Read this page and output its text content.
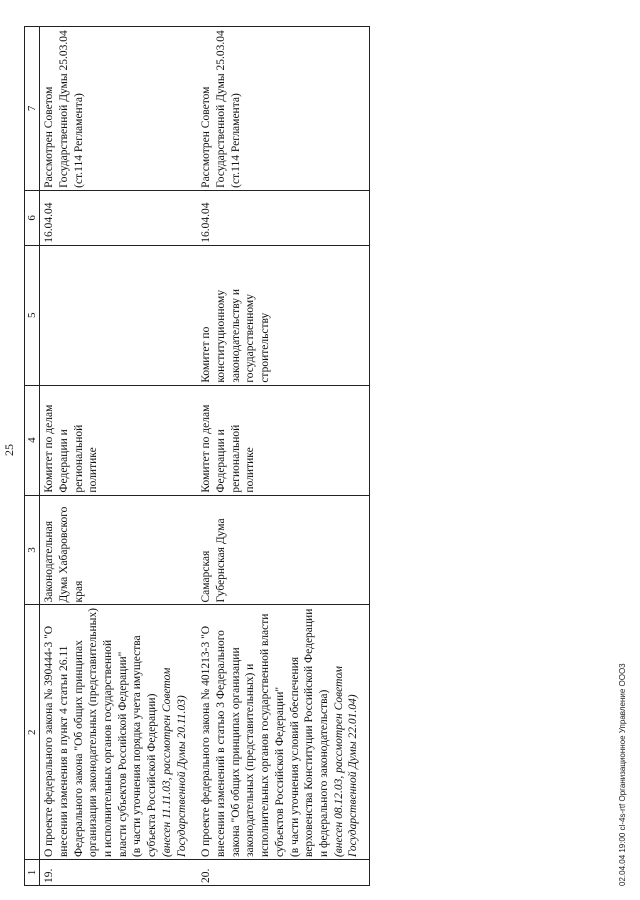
25
1	2	3	4	5	6	7
19.	О проекте федерального закона № 390444-3 "О внесении изменения в пункт 4 статьи 26.11 Федерального закона "Об общих принципах организации законодательных (представительных) и исполнительных органов государственной власти субъектов Российской Федерации" (в части уточнения порядка учета имущества субъекта Российской Федерации) (внесен 11.11.03, рассмотрен Советом Государственной Думы 20.11.03)	Законодательная Дума Хабаровского края	Комитет по делам Федерации и региональной политике		16.04.04	Рассмотрен Советом Государственной Думы 25.03.04 (ст.114 Регламента)
20.	О проекте федерального закона № 401213-3 "О внесении изменений в статью 3 Федерального закона "Об общих принципах организации законодательных (представительных) и исполнительных органов государственной власти субъектов Российской Федерации" (в части уточнения условий обеспечения верховенства Конституции Российской Федерации и федерального законодательства) (внесен 08.12.03, рассмотрен Советом Государственной Думы 22.01.04)	Самарская Губернская Дума	Комитет по делам Федерации и региональной политике	Комитет по конституционному законодательству и государственному строительству	16.04.04	Рассмотрен Советом Государственной Думы 25.03.04 (ст.114 Регламента)
02.04.04 19:00 cl-4s-rtf Организационное Управление ООО3
